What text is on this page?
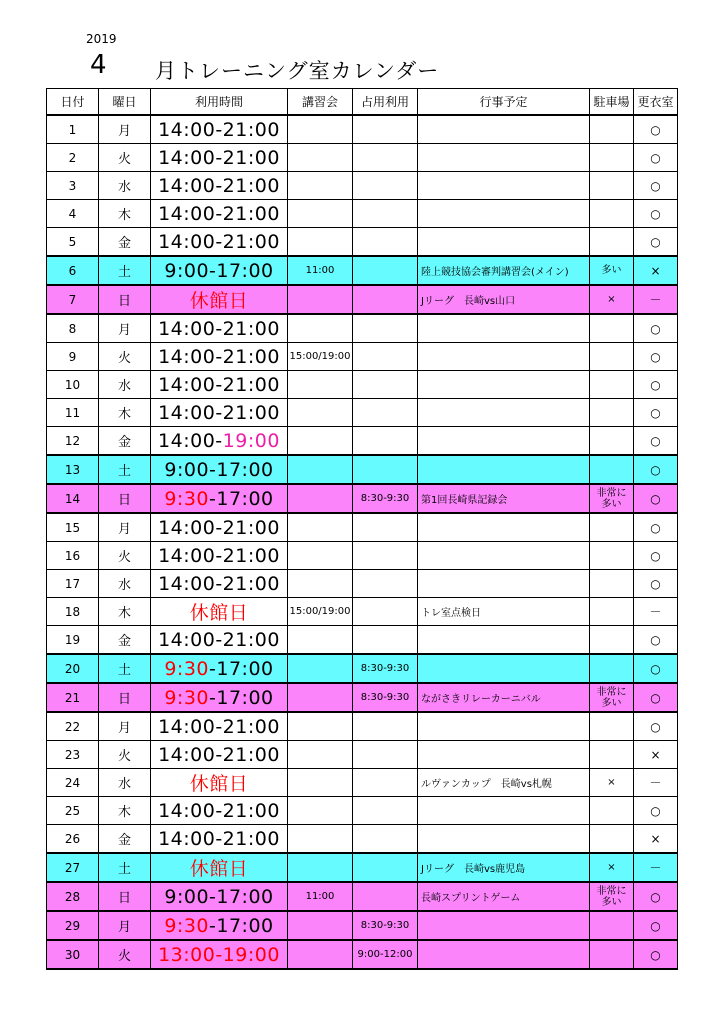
2019
4 月トレーニング室カレンダー
日付	曜日	利用時間	講習会	占用利用	行事予定	駐車場	更衣室
1	月	14:00-21:00					○
2	火	14:00-21:00					○
3	水	14:00-21:00					○
4	木	14:00-21:00					○
5	金	14:00-21:00					○
6	土	9:00-17:00	11:00		陸上競技協会審判講習会(メイン)	多い	×
7	日	休館日			Jリーグ　長崎vs山口	×	－
8	月	14:00-21:00					○
9	火	14:00-21:00	15:00/19:00				○
10	水	14:00-21:00					○
11	木	14:00-21:00					○
12	金	14:00-19:00					○
13	土	9:00-17:00					○
14	日	9:30-17:00		8:30-9:30	第1回長崎県記録会	非常に
多い	○
15	月	14:00-21:00					○
16	火	14:00-21:00					○
17	水	14:00-21:00					○
18	木	休館日	15:00/19:00		トレ室点検日		－
19	金	14:00-21:00					○
20	土	9:30-17:00		8:30-9:30			○
21	日	9:30-17:00		8:30-9:30	ながさきリレーカーニバル	非常に
多い	○
22	月	14:00-21:00					○
23	火	14:00-21:00					×
24	水	休館日			ルヴァンカップ　長崎vs札幌	×	－
25	木	14:00-21:00					○
26	金	14:00-21:00					×
27	土	休館日			Jリーグ　長崎vs鹿児島	×	－
28	日	9:00-17:00	11:00		長崎スプリントゲーム	非常に
多い	○
29	月	9:30-17:00		8:30-9:30			○
30	火	13:00-19:00		9:00-12:00			○
